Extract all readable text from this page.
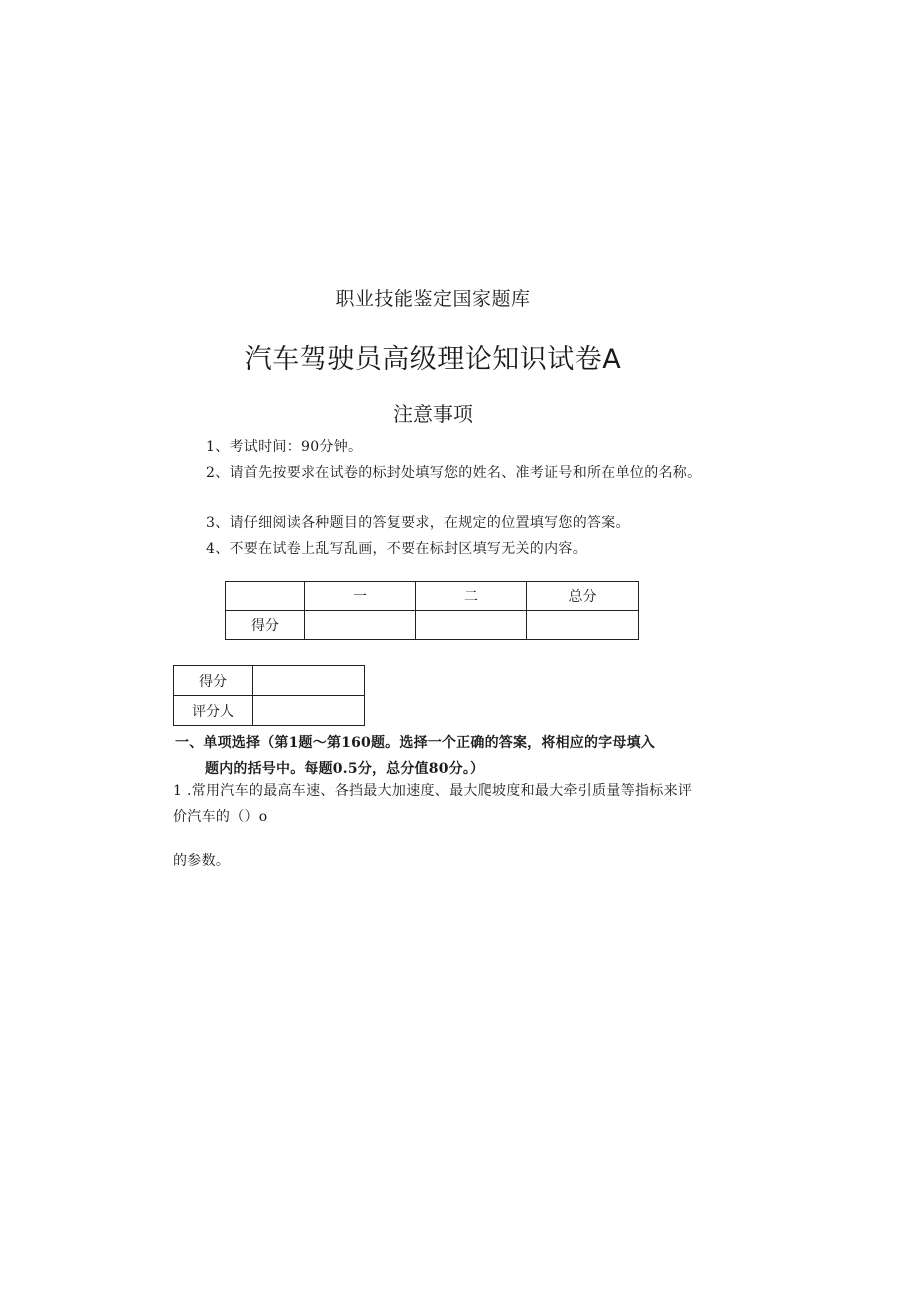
职业技能鉴定国家题库
汽车驾驶员高级理论知识试卷A
注意事项
1、考试时间：90分钟。
2、请首先按要求在试卷的标封处填写您的姓名、准考证号和所在单位的名称。
3、请仔细阅读各种题目的答复要求，在规定的位置填写您的答案。
4、不要在试卷上乱写乱画，不要在标封区填写无关的内容。
	一	二	总分
得分			
得分	
评分人	
一、单项选择（第1题～第160题。选择一个正确的答案，将相应的字母填入
题内的括号中。每题0.5分，总分值80分。）
1 .常用汽车的最高车速、各挡最大加速度、最大爬坡度和最大牵引质量等指标来评价汽车的（）o
的参数。
